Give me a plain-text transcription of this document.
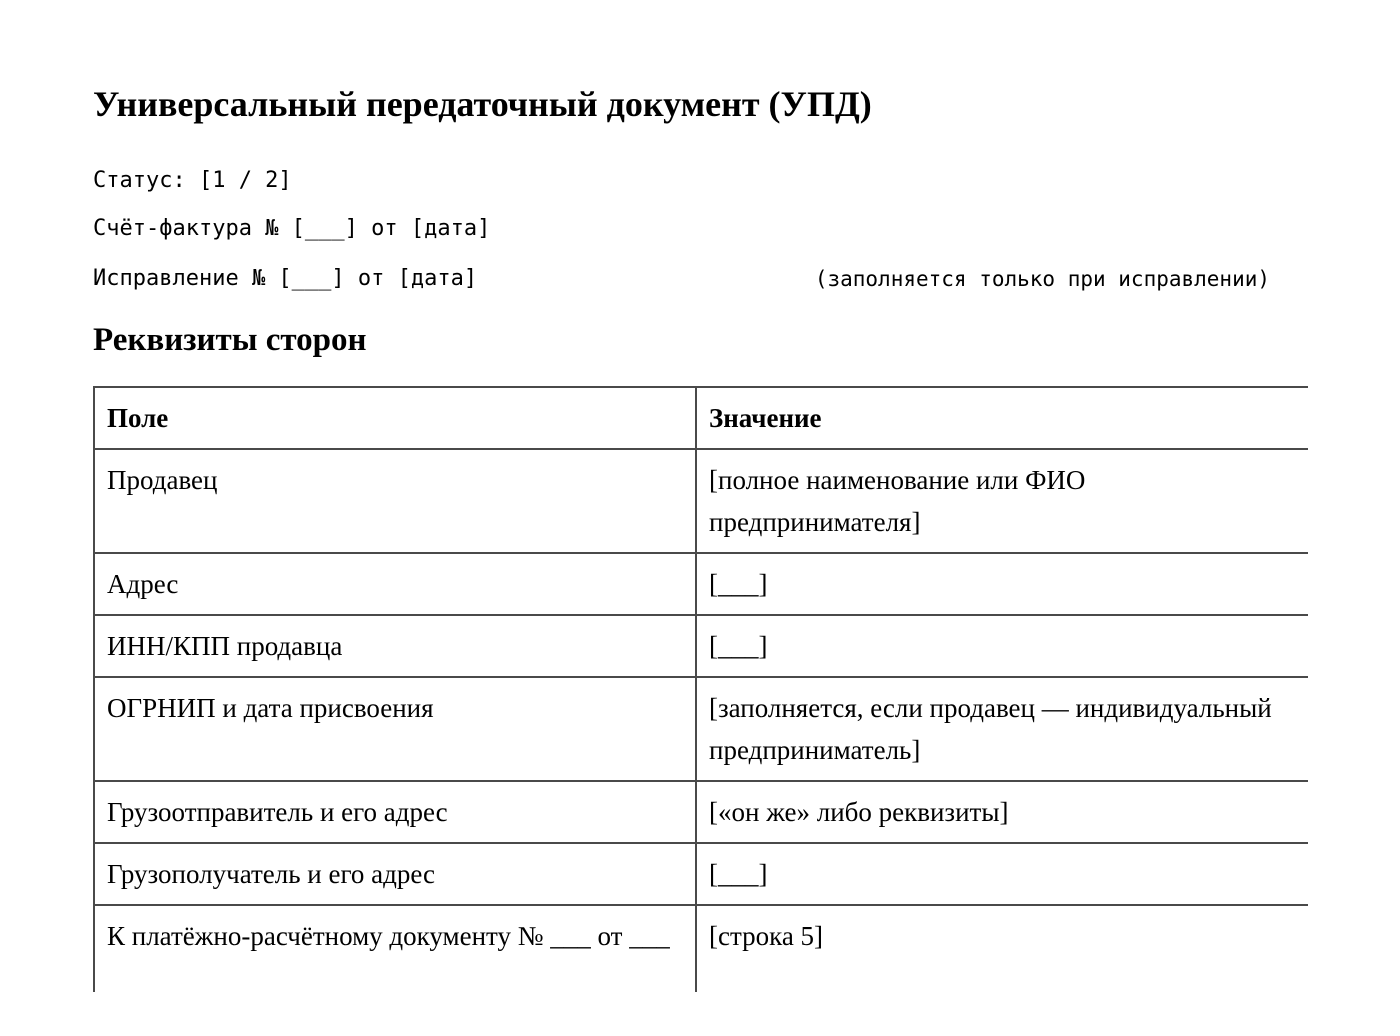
Универсальный передаточный документ (УПД)

Статус: [1 / 2]

Счёт-фактура № [___] от [дата]

Исправление № [___] от [дата]	(заполняется только при исправлении)

Реквизиты сторон
Поле	Значение
Продавец	[полное наименование или ФИО предпринимателя]
Адрес	[___]
ИНН/КПП продавца	[___]
ОГРНИП и дата присвоения	[заполняется, если продавец — индивидуальный предприниматель]
Грузоотправитель и его адрес	[«он же» либо реквизиты]
Грузополучатель и его адрес	[___]
К платёжно-расчётному документу № ___ от ___	[строка 5]
